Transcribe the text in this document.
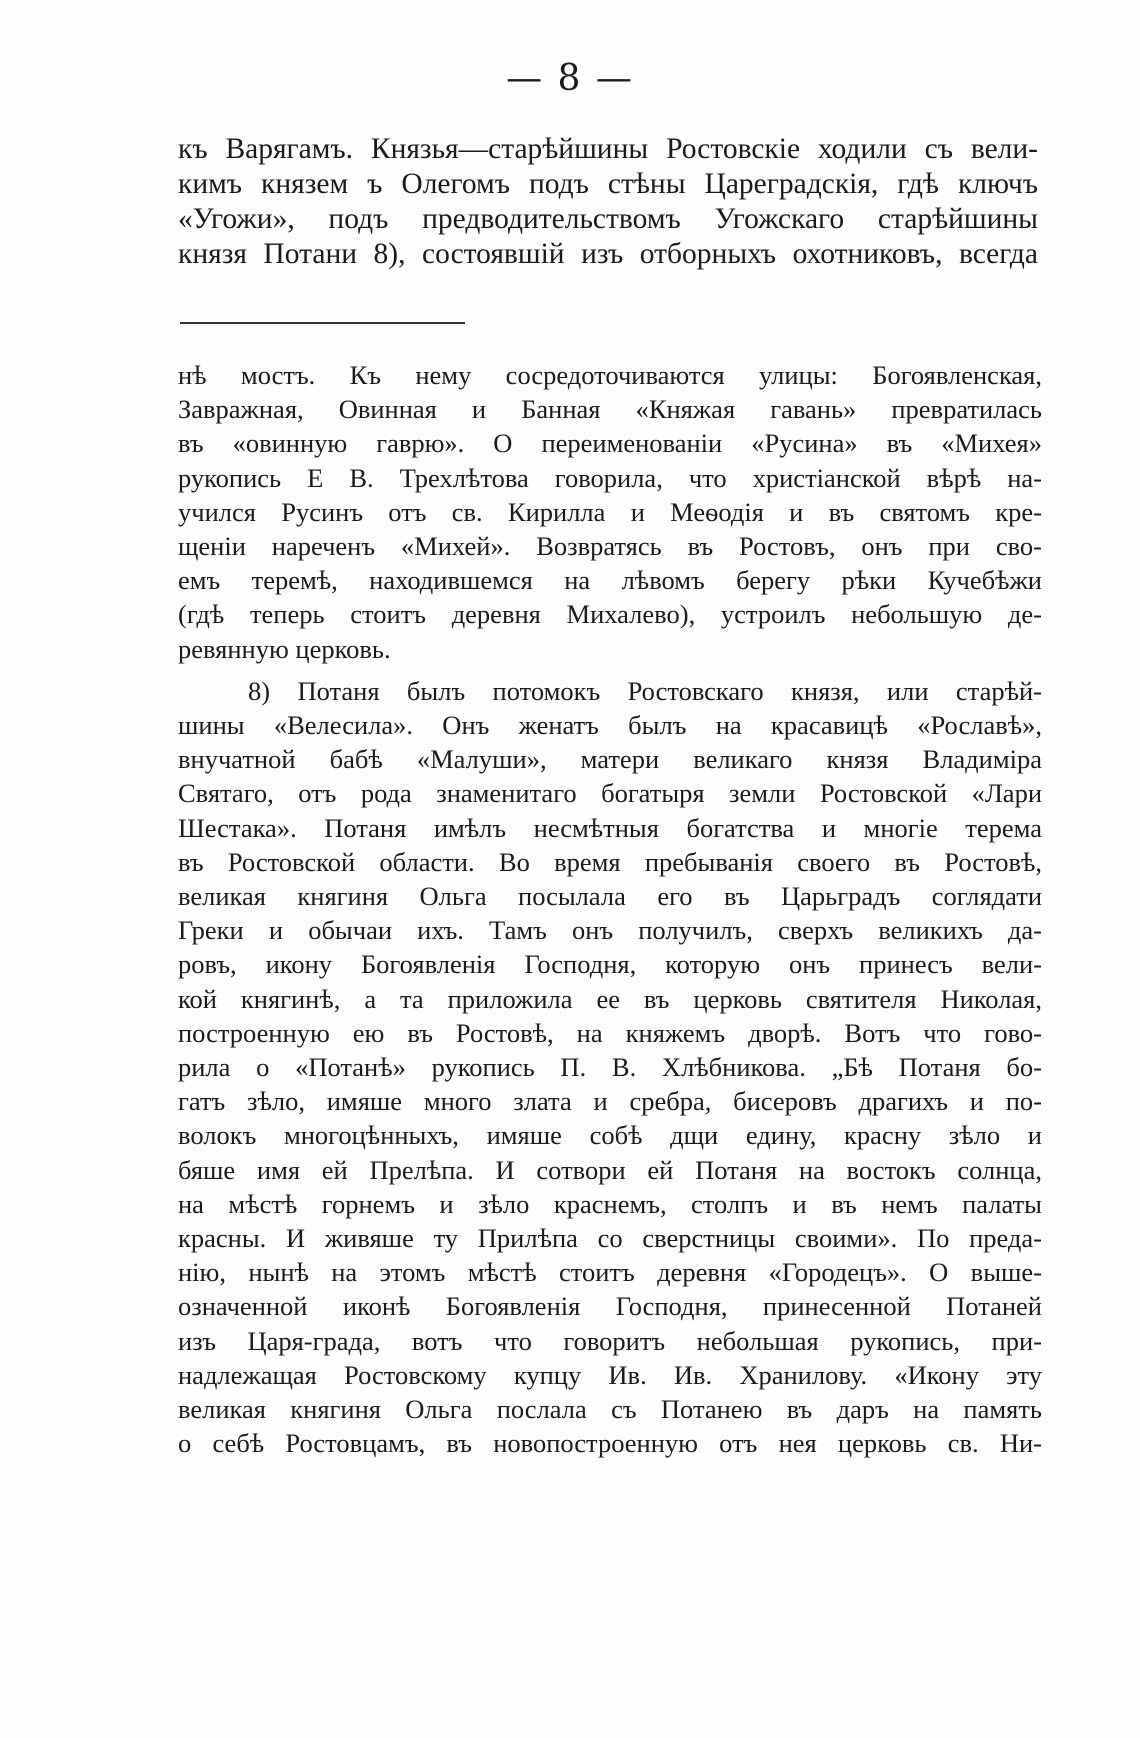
— 8 —
къ Варягамъ. Князья—старѣйшины Ростовскіе ходили съ вели-
кимъ князем ъ Олегомъ подъ стѣны Цареградскія, гдѣ ключъ
«Угожи», подъ предводительствомъ Угожскаго старѣйшины
князя Потани 8), состоявшій изъ отборныхъ охотниковъ, всегда
нѣ мостъ. Къ нему сосредоточиваются улицы: Богоявленская,
Завражная, Овинная и Банная «Княжая гавань» превратилась
въ «овинную гаврю». О переименованіи «Русина» въ «Михея»
рукопись Е В. Трехлѣтова говорила, что христіанской вѣрѣ на-
учился Русинъ отъ св. Кирилла и Меѳодія и въ святомъ кре-
щеніи нареченъ «Михей». Возвратясь въ Ростовъ, онъ при сво-
емъ теремѣ, находившемся на лѣвомъ берегу рѣки Кучебѣжи
(гдѣ теперь стоитъ деревня Михалево), устроилъ небольшую де-
ревянную церковь.
8) Потаня былъ потомокъ Ростовскаго князя, или старѣй-
шины «Велесила». Онъ женатъ былъ на красавицѣ «Рославѣ»,
внучатной бабѣ «Малуши», матери великаго князя Владиміра
Святаго, отъ рода знаменитаго богатыря земли Ростовской «Лари
Шестака». Потаня имѣлъ несмѣтныя богатства и многіе терема
въ Ростовской области. Во время пребыванія своего въ Ростовѣ,
великая княгиня Ольга посылала его въ Царьградъ соглядати
Греки и обычаи ихъ. Тамъ онъ получилъ, сверхъ великихъ да-
ровъ, икону Богоявленія Господня, которую онъ принесъ вели-
кой княгинѣ, а та приложила ее въ церковь святителя Николая,
построенную ею въ Ростовѣ, на княжемъ дворѣ. Вотъ что гово-
рила о «Потанѣ» рукопись П. В. Хлѣбникова. „Бѣ Потаня бо-
гатъ зѣло, имяше много злата и сребра, бисеровъ драгихъ и по-
волокъ многоцѣнныхъ, имяше собѣ дщи едину, красну зѣло и
бяше имя ей Прелѣпа. И сотвори ей Потаня на востокъ солнца,
на мѣстѣ горнемъ и зѣло краснемъ, столпъ и въ немъ палаты
красны. И живяше ту Прилѣпа со сверстницы своими». По преда-
нію, нынѣ на этомъ мѣстѣ стоитъ деревня «Городецъ». О выше-
означенной иконѣ Богоявленія Господня, принесенной Потаней
изъ Царя-града, вотъ что говоритъ небольшая рукопись, при-
надлежащая Ростовскому купцу Ив. Ив. Хранилову. «Икону эту
великая княгиня Ольга послала съ Потанею въ даръ на память
о себѣ Ростовцамъ, въ новопостроенную отъ нея церковь св. Ни-
